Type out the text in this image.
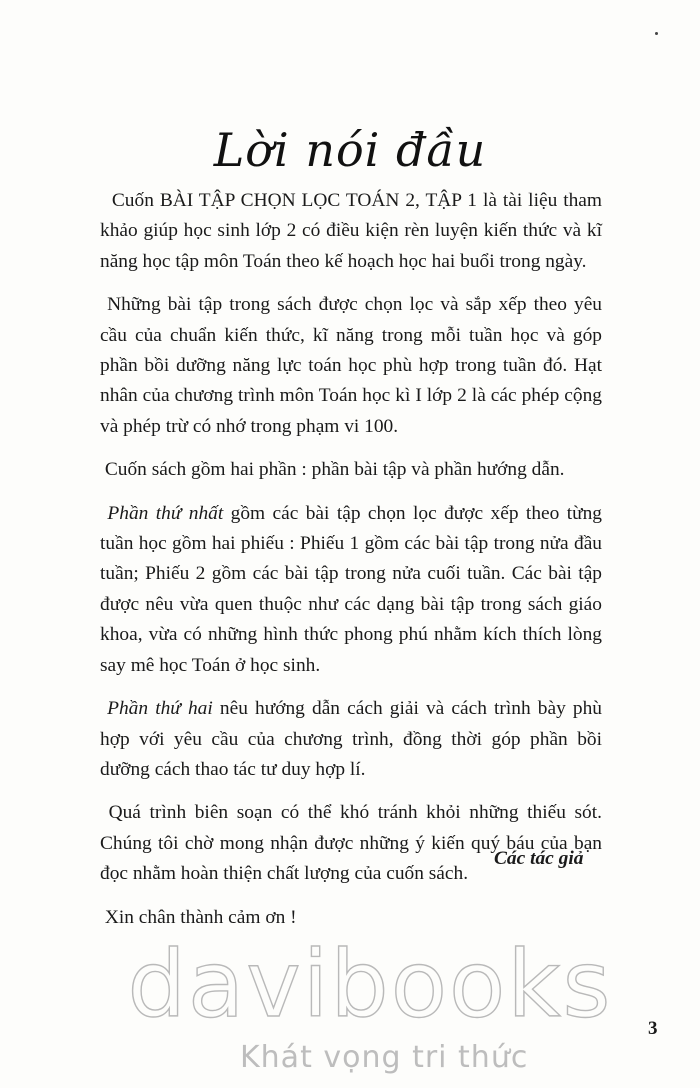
Lời nói đầu

Cuốn BÀI TẬP CHỌN LỌC TOÁN 2, TẬP 1 là tài liệu tham khảo giúp học sinh lớp 2 có điều kiện rèn luyện kiến thức và kĩ năng học tập môn Toán theo kế hoạch học hai buổi trong ngày.

Những bài tập trong sách được chọn lọc và sắp xếp theo yêu cầu của chuẩn kiến thức, kĩ năng trong mỗi tuần học và góp phần bồi dưỡng năng lực toán học phù hợp trong tuần đó. Hạt nhân của chương trình môn Toán học kì I lớp 2 là các phép cộng và phép trừ có nhớ trong phạm vi 100.

Cuốn sách gồm hai phần : phần bài tập và phần hướng dẫn.

Phần thứ nhất gồm các bài tập chọn lọc được xếp theo từng tuần học gồm hai phiếu : Phiếu 1 gồm các bài tập trong nửa đầu tuần; Phiếu 2 gồm các bài tập trong nửa cuối tuần. Các bài tập được nêu vừa quen thuộc như các dạng bài tập trong sách giáo khoa, vừa có những hình thức phong phú nhằm kích thích lòng say mê học Toán ở học sinh.

Phần thứ hai nêu hướng dẫn cách giải và cách trình bày phù hợp với yêu cầu của chương trình, đồng thời góp phần bồi dưỡng cách thao tác tư duy hợp lí.

Quá trình biên soạn có thể khó tránh khỏi những thiếu sót. Chúng tôi chờ mong nhận được những ý kiến quý báu của bạn đọc nhằm hoàn thiện chất lượng của cuốn sách.

Xin chân thành cảm ơn !

Các tác giả
davibooks
Khát vọng tri thức
3
